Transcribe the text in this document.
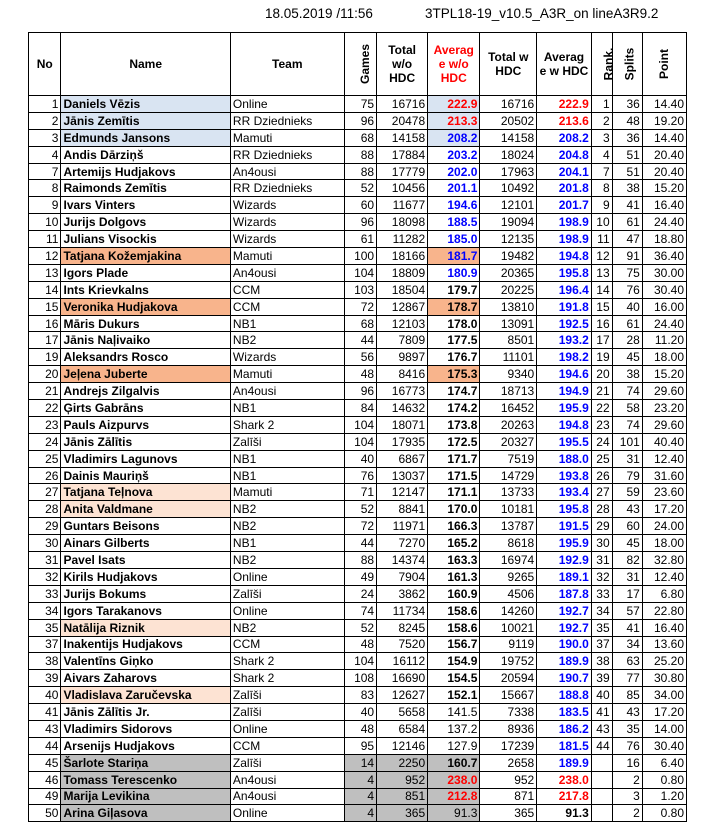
18.05.2019 /11:56	3TPL18-19_v10.5_A3R_on lineA3R9.2
No	Name	Team	Games	Total w/o HDC	Averag e w/o HDC	Total w HDC	Averag e w HDC	Rank.	Splits	Point
1	Daniels Vēzis	Online	75	16716	222.9	16716	222.9	1	36	14.40
2	Jānis Zemītis	RR Dziednieks	96	20478	213.3	20502	213.6	2	48	19.20
3	Edmunds Jansons	Mamuti	68	14158	208.2	14158	208.2	3	36	14.40
4	Andis Dārziņš	RR Dziednieks	88	17884	203.2	18024	204.8	4	51	20.40
7	Artemijs Hudjakovs	An4ousi	88	17779	202.0	17963	204.1	7	51	20.40
8	Raimonds Zemītis	RR Dziednieks	52	10456	201.1	10492	201.8	8	38	15.20
9	Ivars Vinters	Wizards	60	11677	194.6	12101	201.7	9	41	16.40
10	Jurijs Dolgovs	Wizards	96	18098	188.5	19094	198.9	10	61	24.40
11	Julians Visockis	Wizards	61	11282	185.0	12135	198.9	11	47	18.80
12	Tatjana Kožemjakina	Mamuti	100	18166	181.7	19482	194.8	12	91	36.40
13	Igors Plade	An4ousi	104	18809	180.9	20365	195.8	13	75	30.00
14	Ints Krievkalns	CCM	103	18504	179.7	20225	196.4	14	76	30.40
15	Veronika Hudjakova	CCM	72	12867	178.7	13810	191.8	15	40	16.00
16	Māris Dukurs	NB1	68	12103	178.0	13091	192.5	16	61	24.40
17	Jānis Naļivaiko	NB2	44	7809	177.5	8501	193.2	17	28	11.20
19	Aleksandrs Rosco	Wizards	56	9897	176.7	11101	198.2	19	45	18.00
20	Jeļena Juberte	Mamuti	48	8416	175.3	9340	194.6	20	38	15.20
21	Andrejs Zilgalvis	An4ousi	96	16773	174.7	18713	194.9	21	74	29.60
22	Ģirts Gabrāns	NB1	84	14632	174.2	16452	195.9	22	58	23.20
23	Pauls Aizpurvs	Shark 2	104	18071	173.8	20263	194.8	23	74	29.60
24	Jānis Zālītis	Zalīši	104	17935	172.5	20327	195.5	24	101	40.40
25	Vladimirs Lagunovs	NB1	40	6867	171.7	7519	188.0	25	31	12.40
26	Dainis Mauriņš	NB1	76	13037	171.5	14729	193.8	26	79	31.60
27	Tatjana Teļnova	Mamuti	71	12147	171.1	13733	193.4	27	59	23.60
28	Anita Valdmane	NB2	52	8841	170.0	10181	195.8	28	43	17.20
29	Guntars Beisons	NB2	72	11971	166.3	13787	191.5	29	60	24.00
30	Ainars Gilberts	NB1	44	7270	165.2	8618	195.9	30	45	18.00
31	Pavel Isats	NB2	88	14374	163.3	16974	192.9	31	82	32.80
32	Kirils Hudjakovs	Online	49	7904	161.3	9265	189.1	32	31	12.40
33	Jurijs Bokums	Zalīši	24	3862	160.9	4506	187.8	33	17	6.80
34	Igors Tarakanovs	Online	74	11734	158.6	14260	192.7	34	57	22.80
35	Natālija Riznik	NB2	52	8245	158.6	10021	192.7	35	41	16.40
37	Inakentijs Hudjakovs	CCM	48	7520	156.7	9119	190.0	37	34	13.60
38	Valentīns Giņko	Shark 2	104	16112	154.9	19752	189.9	38	63	25.20
39	Aivars Zaharovs	Shark 2	108	16690	154.5	20594	190.7	39	77	30.80
40	Vladislava Zaručevska	Zalīši	83	12627	152.1	15667	188.8	40	85	34.00
41	Jānis Zālītis Jr.	Zalīši	40	5658	141.5	7338	183.5	41	43	17.20
43	Vladimirs Sidorovs	Online	48	6584	137.2	8936	186.2	43	35	14.00
44	Arsenijs Hudjakovs	CCM	95	12146	127.9	17239	181.5	44	76	30.40
45	Šarlote Stariņa	Zalīši	14	2250	160.7	2658	189.9		16	6.40
46	Tomass Terescenko	An4ousi	4	952	238.0	952	238.0		2	0.80
49	Marija Levikina	An4ousi	4	851	212.8	871	217.8		3	1.20
50	Arina Giļasova	Online	4	365	91.3	365	91.3		2	0.80
